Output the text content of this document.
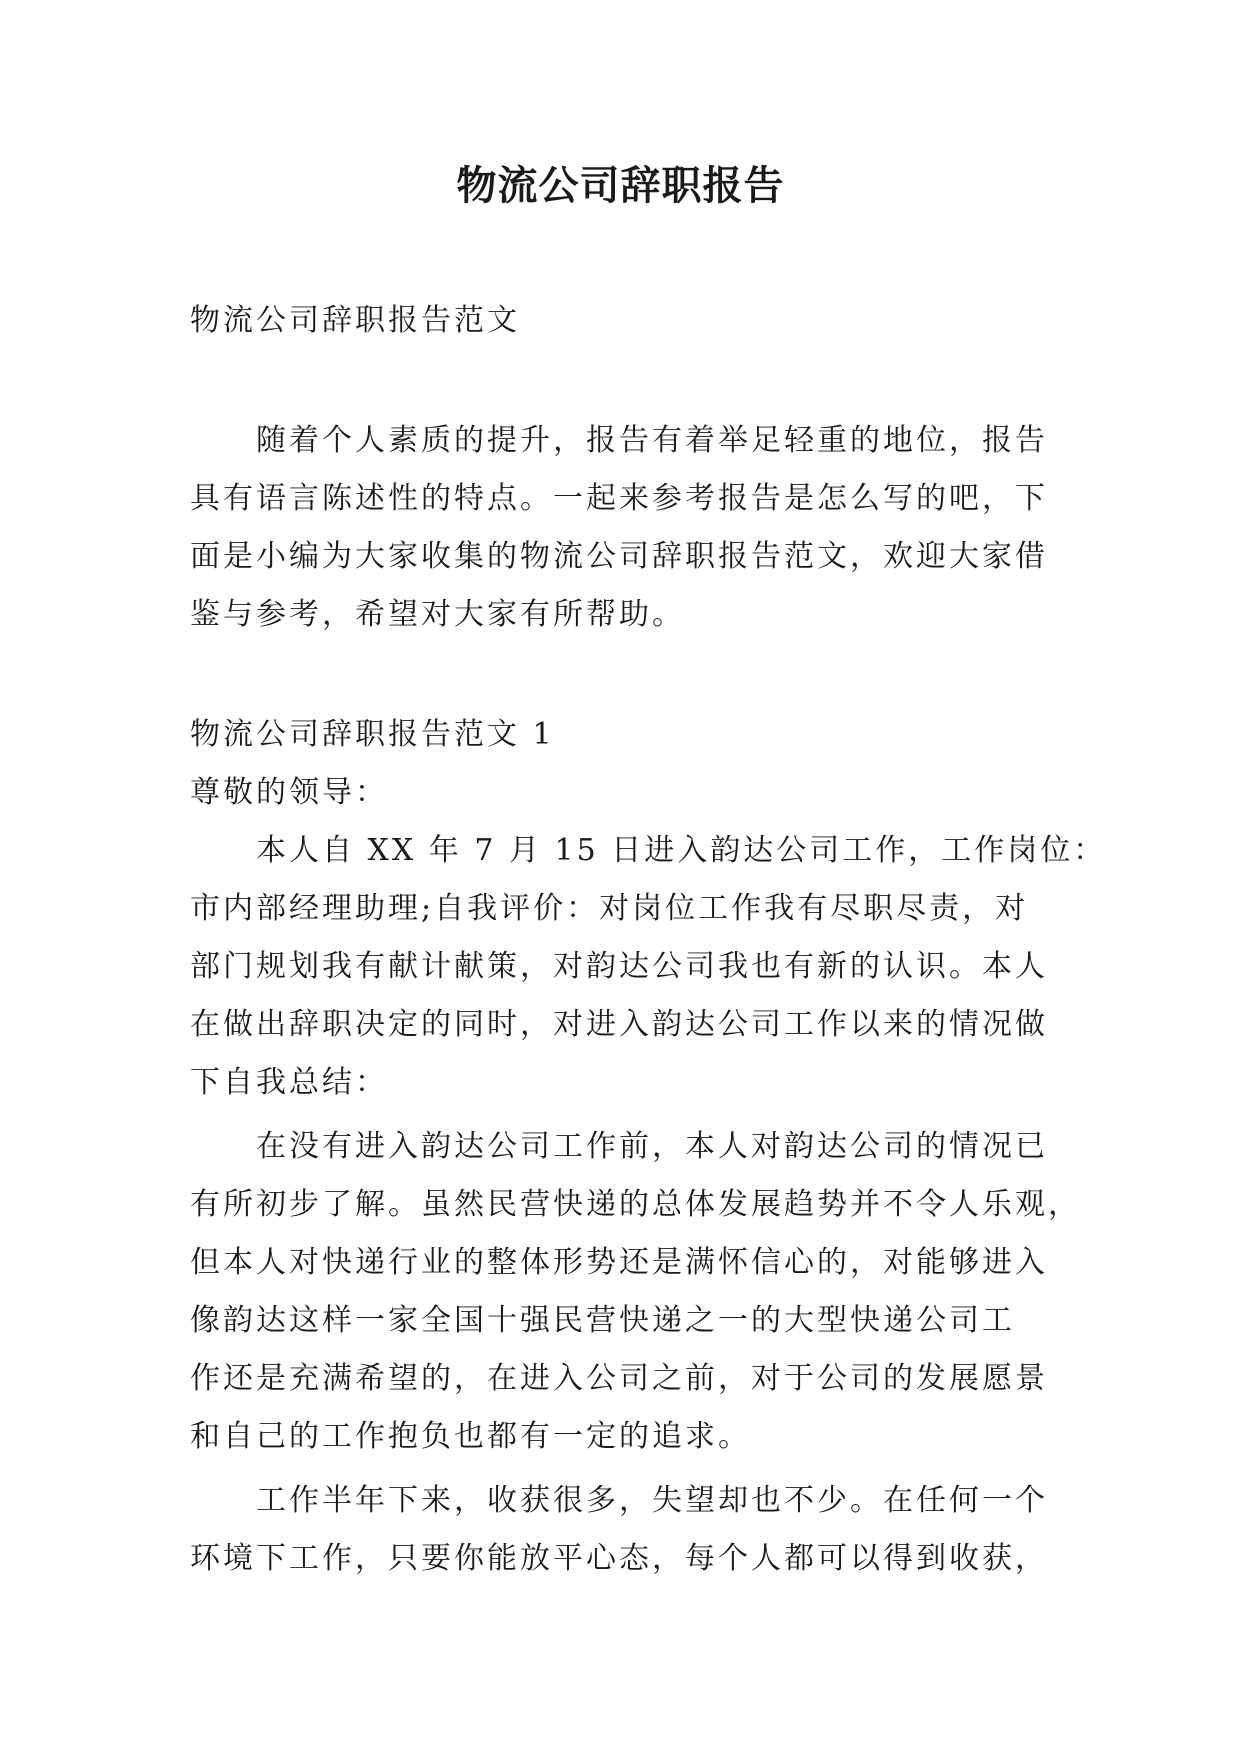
物流公司辞职报告
物流公司辞职报告范文
　　随着个人素质的提升，报告有着举足轻重的地位，报告
具有语言陈述性的特点。一起来参考报告是怎么写的吧，下
面是小编为大家收集的物流公司辞职报告范文，欢迎大家借
鉴与参考，希望对大家有所帮助。
物流公司辞职报告范文 1
尊敬的领导：
　　本人自 XX 年 7 月 15 日进入韵达公司工作，工作岗位：
市内部经理助理;自我评价：对岗位工作我有尽职尽责，对
部门规划我有献计献策，对韵达公司我也有新的认识。本人
在做出辞职决定的同时，对进入韵达公司工作以来的情况做
下自我总结：
　　在没有进入韵达公司工作前，本人对韵达公司的情况已
有所初步了解。虽然民营快递的总体发展趋势并不令人乐观，
但本人对快递行业的整体形势还是满怀信心的，对能够进入
像韵达这样一家全国十强民营快递之一的大型快递公司工
作还是充满希望的，在进入公司之前，对于公司的发展愿景
和自己的工作抱负也都有一定的追求。
　　工作半年下来，收获很多，失望却也不少。在任何一个
环境下工作，只要你能放平心态，每个人都可以得到收获，
